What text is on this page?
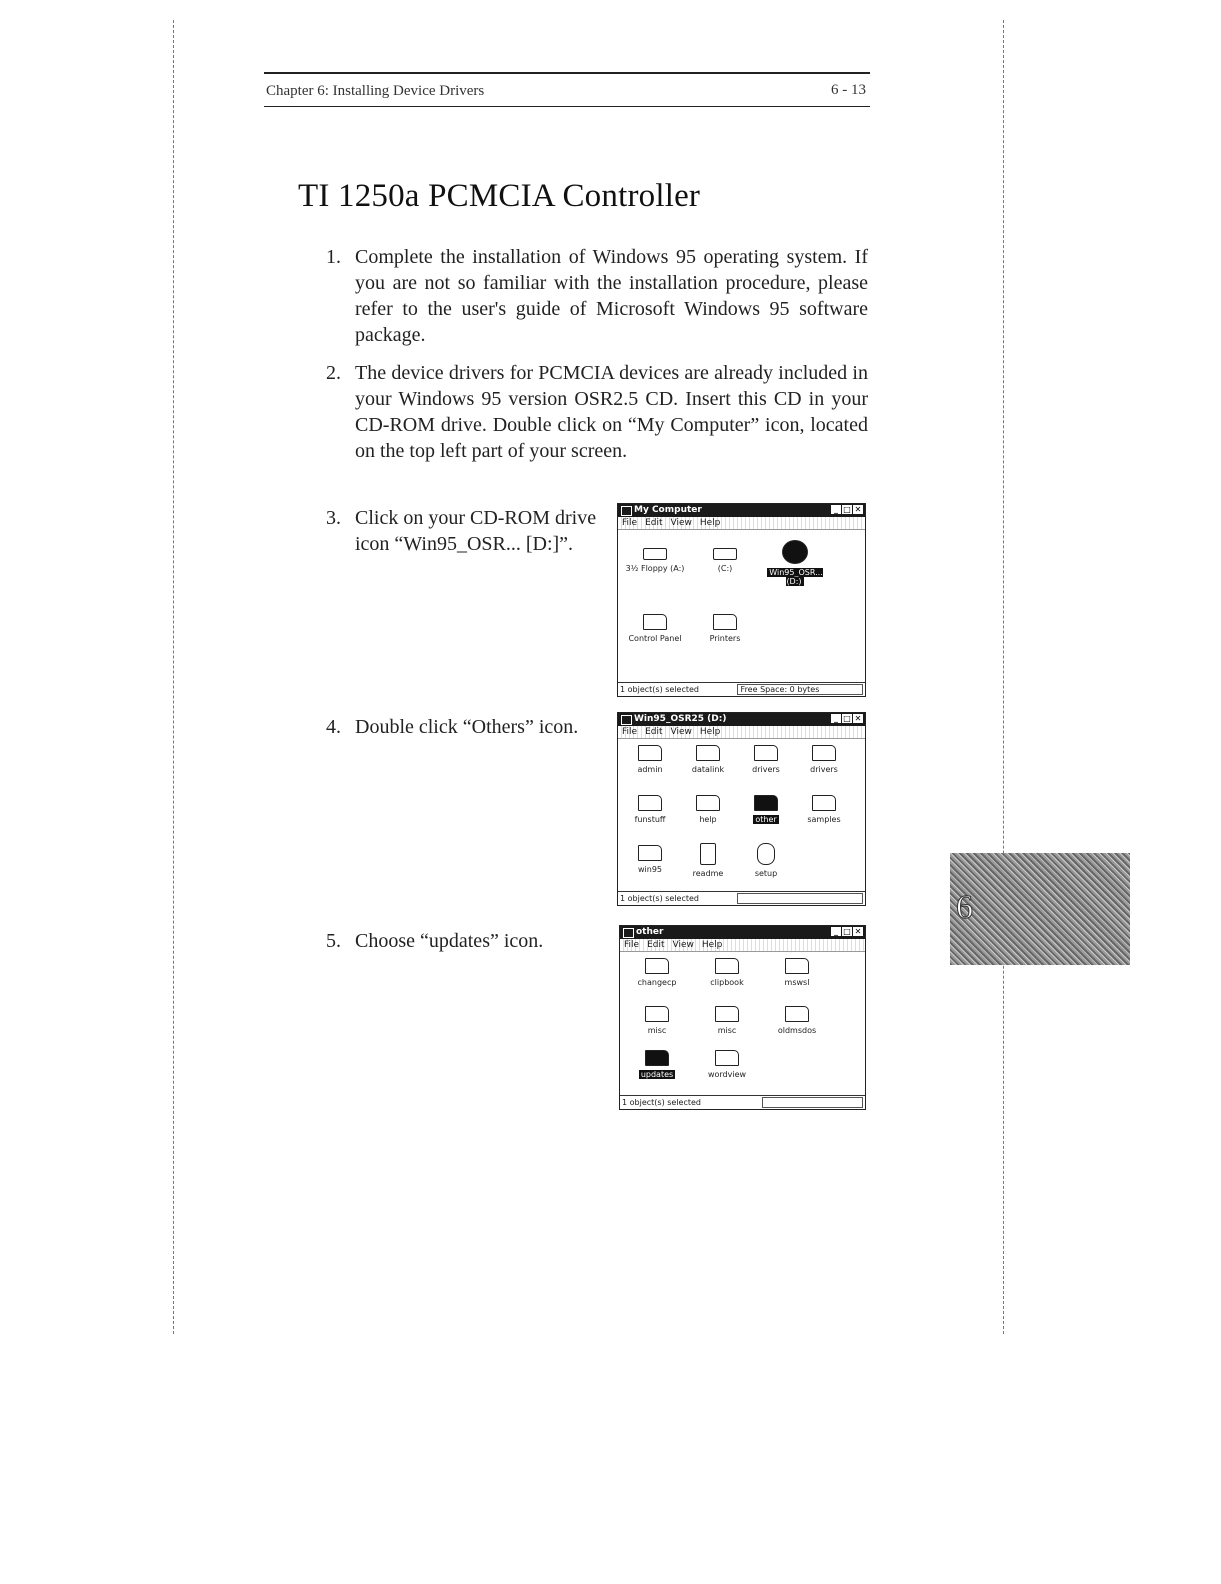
Chapter 6: Installing Device Drivers	6 - 13
TI 1250a PCMCIA Controller
1. Complete the installation of Windows 95 operating system. If you are not so familiar with the installation procedure, please refer to the user's guide of Microsoft Windows 95 software package.
2. The device drivers for PCMCIA devices are already included in your Windows 95 version OSR2.5 CD. Insert this CD in your CD-ROM drive. Double click on “My Computer” icon, located on the top left part of your screen.
3. Click on your CD-ROM drive icon “Win95_OSR... [D:]”.
4. Double click “Others” icon.
5. Choose “updates” icon.
My Computer	_ □ ✕
File Edit View Help
3½ Floppy (A:)	(C:)	Win95_OSR... (D:)
Control Panel	Printers
1 object(s) selected	Free Space: 0 bytes
Win95_OSR25 (D:)	_ □ ✕
File Edit View Help
admin	datalink	drivers	drivers
funstuff	help	other	samples
win95	readme	setup
1 object(s) selected
other	_ □ ✕
File Edit View Help
changecp	clipbook	mswsl
misc	misc	oldmsdos
updates	wordview
1 object(s) selected
6
